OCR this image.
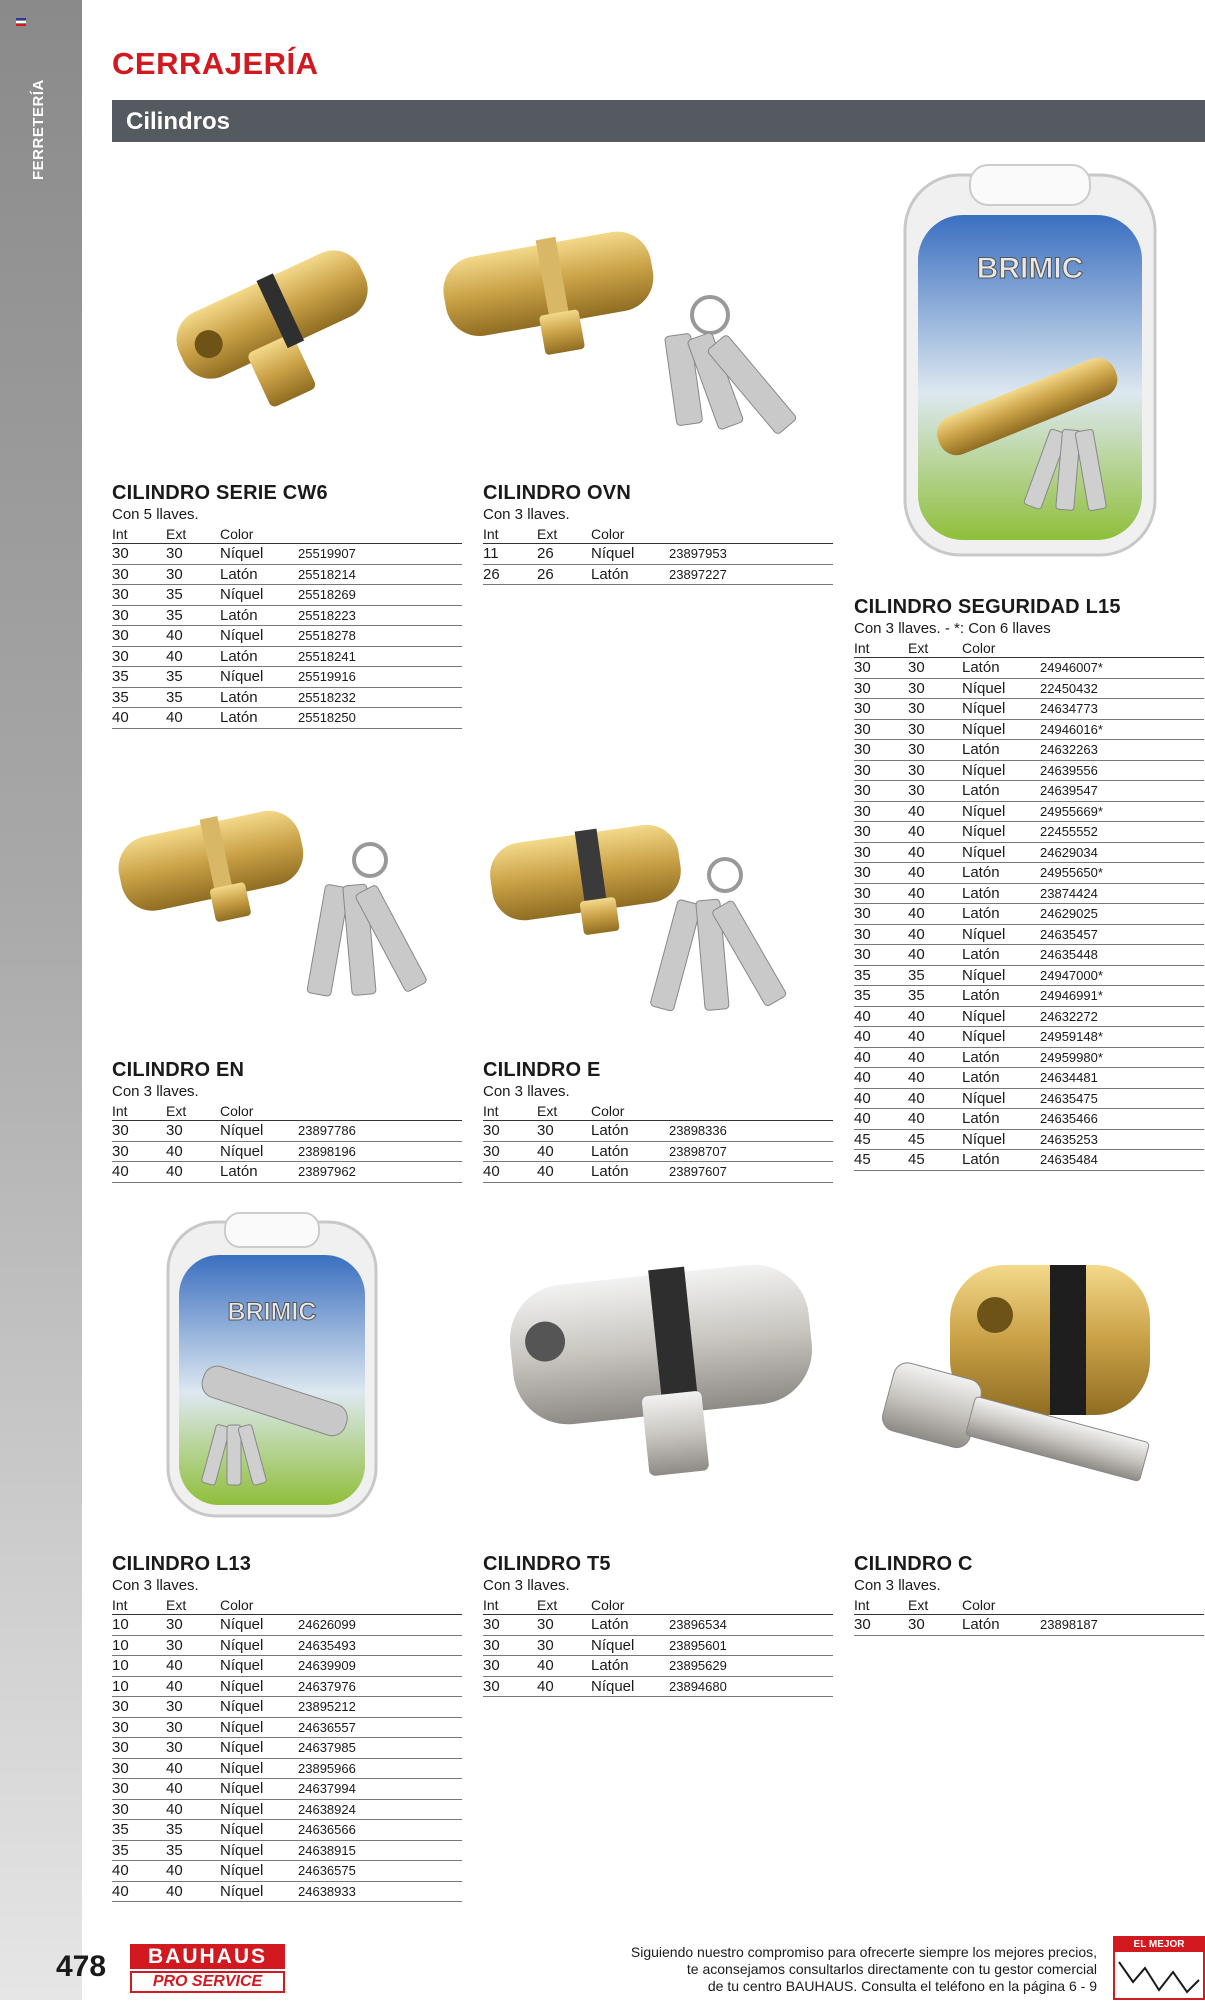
FERRETERÍA
CERRAJERÍA
Cilindros
BRIMIC
BRIMIC
CILINDRO SERIE CW6
Con 5 llaves.
Int	Ext	Color	
30	30	Níquel	25519907
30	30	Latón	25518214
30	35	Níquel	25518269
30	35	Latón	25518223
30	40	Níquel	25518278
30	40	Latón	25518241
35	35	Níquel	25519916
35	35	Latón	25518232
40	40	Latón	25518250
CILINDRO OVN
Con 3 llaves.
Int	Ext	Color	
11	26	Níquel	23897953
26	26	Latón	23897227
CILINDRO SEGURIDAD L15
Con 3 llaves. - *: Con 6 llaves
Int	Ext	Color	
30	30	Latón	24946007*
30	30	Níquel	22450432
30	30	Níquel	24634773
30	30	Níquel	24946016*
30	30	Latón	24632263
30	30	Níquel	24639556
30	30	Latón	24639547
30	40	Níquel	24955669*
30	40	Níquel	22455552
30	40	Níquel	24629034
30	40	Latón	24955650*
30	40	Latón	23874424
30	40	Latón	24629025
30	40	Níquel	24635457
30	40	Latón	24635448
35	35	Níquel	24947000*
35	35	Latón	24946991*
40	40	Níquel	24632272
40	40	Níquel	24959148*
40	40	Latón	24959980*
40	40	Latón	24634481
40	40	Níquel	24635475
40	40	Latón	24635466
45	45	Níquel	24635253
45	45	Latón	24635484
CILINDRO EN
Con 3 llaves.
Int	Ext	Color	
30	30	Níquel	23897786
30	40	Níquel	23898196
40	40	Latón	23897962
CILINDRO E
Con 3 llaves.
Int	Ext	Color	
30	30	Latón	23898336
30	40	Latón	23898707
40	40	Latón	23897607
CILINDRO L13
Con 3 llaves.
Int	Ext	Color	
10	30	Níquel	24626099
10	30	Níquel	24635493
10	40	Níquel	24639909
10	40	Níquel	24637976
30	30	Níquel	23895212
30	30	Níquel	24636557
30	30	Níquel	24637985
30	40	Níquel	23895966
30	40	Níquel	24637994
30	40	Níquel	24638924
35	35	Níquel	24636566
35	35	Níquel	24638915
40	40	Níquel	24636575
40	40	Níquel	24638933
CILINDRO T5
Con 3 llaves.
Int	Ext	Color	
30	30	Latón	23896534
30	30	Níquel	23895601
30	40	Latón	23895629
30	40	Níquel	23894680
CILINDRO C
Con 3 llaves.
Int	Ext	Color	
30	30	Latón	23898187
478	BAUHAUS
PRO SERVICE
Siguiendo nuestro compromiso para ofrecerte siempre los mejores precios,
te aconsejamos consultarlos directamente con tu gestor comercial
de tu centro BAUHAUS. Consulta el teléfono en la página 6 - 9
EL MEJOR PRECIO
